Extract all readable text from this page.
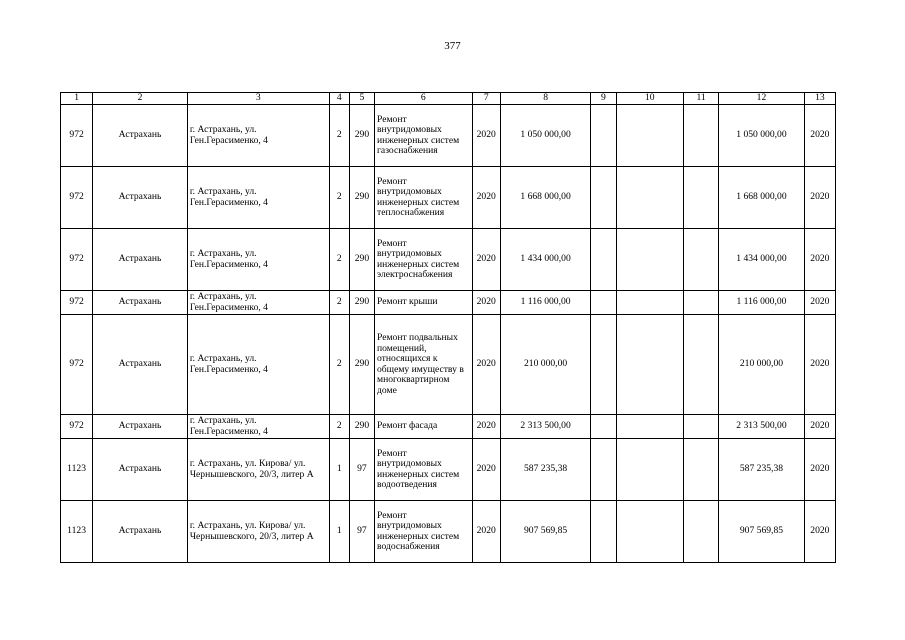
377
1	2	3	4	5	6	7	8	9	10	11	12	13
972	Астрахань	г. Астрахань, ул. Ген.Герасименко, 4	2	290	Ремонт внутридомовых инженерных систем газоснабжения	2020	1 050 000,00				1 050 000,00	2020
972	Астрахань	г. Астрахань, ул. Ген.Герасименко, 4	2	290	Ремонт внутридомовых инженерных систем теплоснабжения	2020	1 668 000,00				1 668 000,00	2020
972	Астрахань	г. Астрахань, ул. Ген.Герасименко, 4	2	290	Ремонт внутридомовых инженерных систем электроснабжения	2020	1 434 000,00				1 434 000,00	2020
972	Астрахань	г. Астрахань, ул. Ген.Герасименко, 4	2	290	Ремонт крыши	2020	1 116 000,00				1 116 000,00	2020
972	Астрахань	г. Астрахань, ул. Ген.Герасименко, 4	2	290	Ремонт подвальных помещений, относящихся к общему имуществу в многоквартирном доме	2020	210 000,00				210 000,00	2020
972	Астрахань	г. Астрахань, ул. Ген.Герасименко, 4	2	290	Ремонт фасада	2020	2 313 500,00				2 313 500,00	2020
1123	Астрахань	г. Астрахань, ул. Кирова/ ул. Чернышевского, 20/3, литер А	1	97	Ремонт внутридомовых инженерных систем водоотведения	2020	587 235,38				587 235,38	2020
1123	Астрахань	г. Астрахань, ул. Кирова/ ул. Чернышевского, 20/3, литер А	1	97	Ремонт внутридомовых инженерных систем водоснабжения	2020	907 569,85				907 569,85	2020
